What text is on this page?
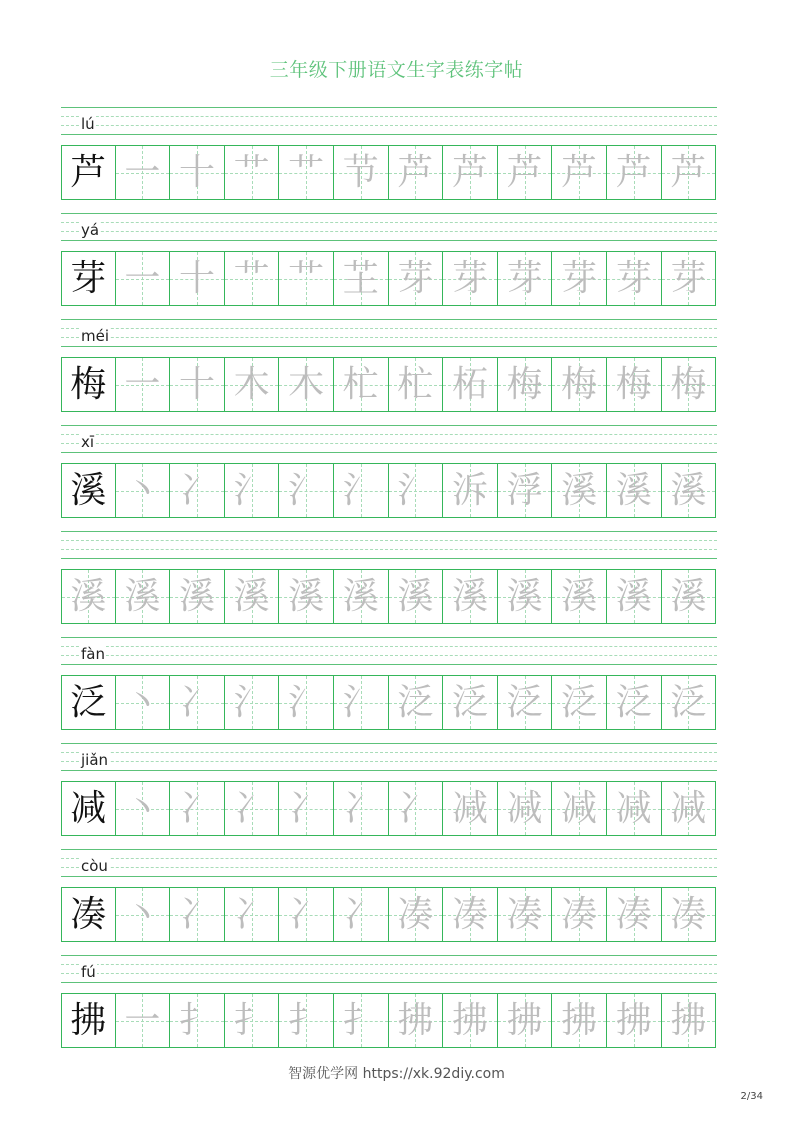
三年级下册语文生字表练字帖
lú
芦 一 十 艹 艹 节 芦 芦 芦 芦 芦 芦
yá
芽 一 十 艹 艹 芏 芽 芽 芽 芽 芽 芽
méi
梅 一 十 木 木 杧 杧 柘 梅 梅 梅 梅
xī
溪 丶 冫 氵 氵 氵 氵 泝 浮 溪 溪 溪
溪 溪 溪 溪 溪 溪 溪 溪 溪 溪 溪 溪
fàn
泛 丶 冫 氵 氵 氵 泛 泛 泛 泛 泛 泛
jiǎn
减 丶 冫 冫 冫 冫 冫 减 减 减 减 减
còu
凑 丶 冫 冫 冫 冫 凑 凑 凑 凑 凑 凑
fú
拂 一 扌 扌 扌 扌 拂 拂 拂 拂 拂 拂
智源优学网 https://xk.92diy.com
2/34
